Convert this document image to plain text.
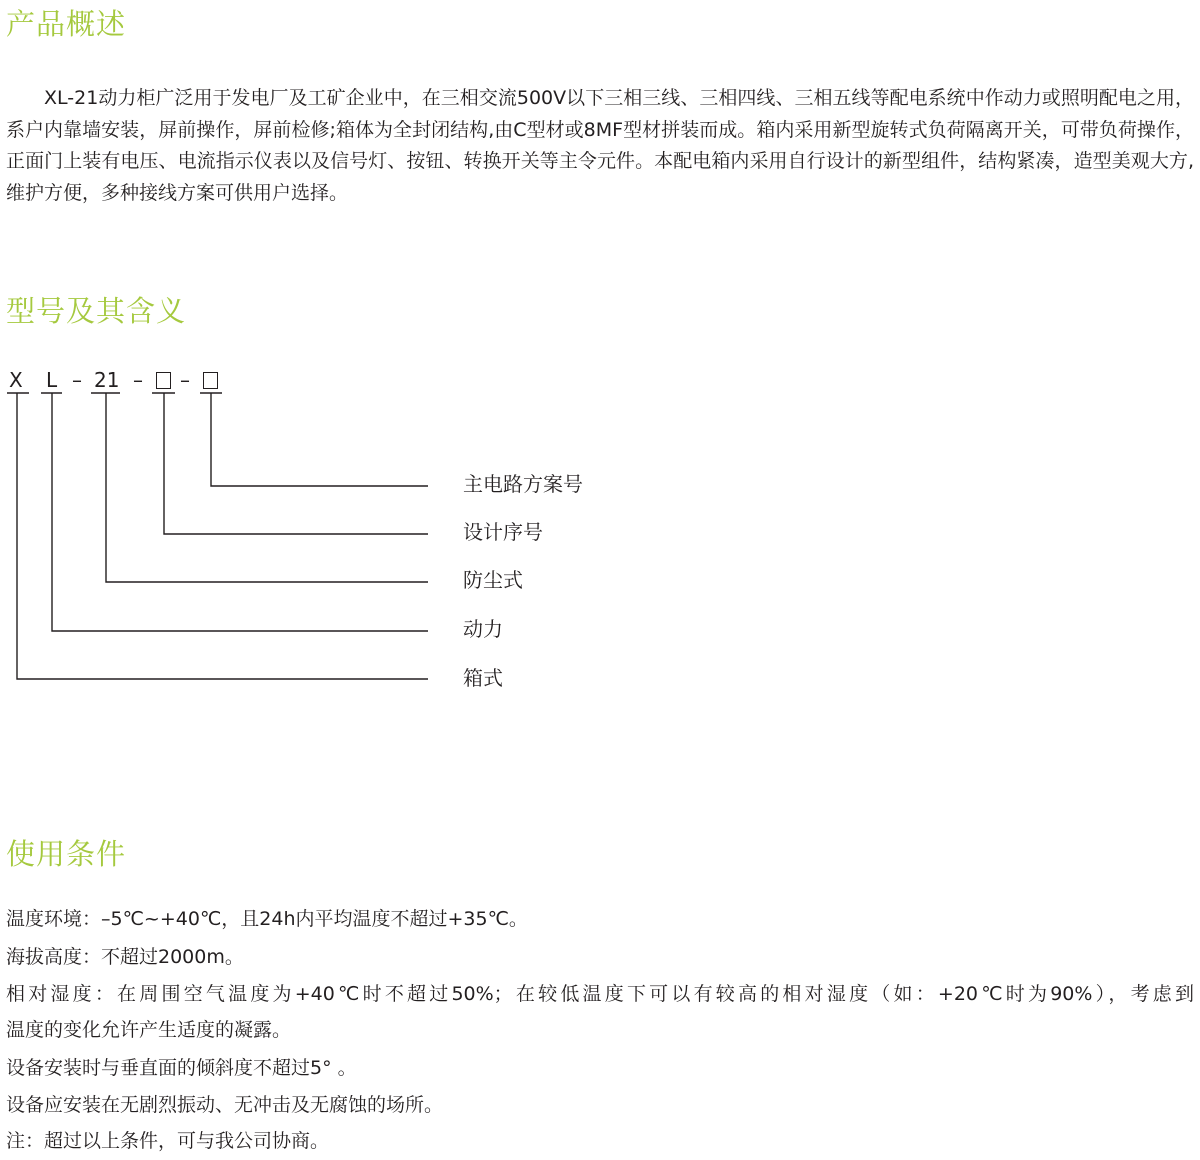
产品概述

XL-21动力柜广泛用于发电厂及工矿企业中，在三相交流500V以下三相三线、三相四线、三相五线等配电系统中作动力或照明配电之用，系户内靠墙安装，屏前操作，屏前检修;箱体为全封闭结构,由C型材或8MF型材拼装而成。箱内采用新型旋转式负荷隔离开关，可带负荷操作，正面门上装有电压、电流指示仪表以及信号灯、按钮、转换开关等主令元件。本配电箱内采用自行设计的新型组件，结构紧凑，造型美观大方,维护方便，多种接线方案可供用户选择。

型号及其含义
X L – 21 – –
主电路方案号
设计序号
防尘式
动力
箱式
使用条件

温度环境：–5℃~+40℃，且24h内平均温度不超过+35℃。

海拔高度：不超过2000m。

相对湿度：在周围空气温度为+40℃时不超过50%；在较低温度下可以有较高的相对湿度（如：+20℃时为90%），考虑到

温度的变化允许产生适度的凝露。

设备安装时与垂直面的倾斜度不超过5° 。

设备应安装在无剧烈振动、无冲击及无腐蚀的场所。

注：超过以上条件，可与我公司协商。
